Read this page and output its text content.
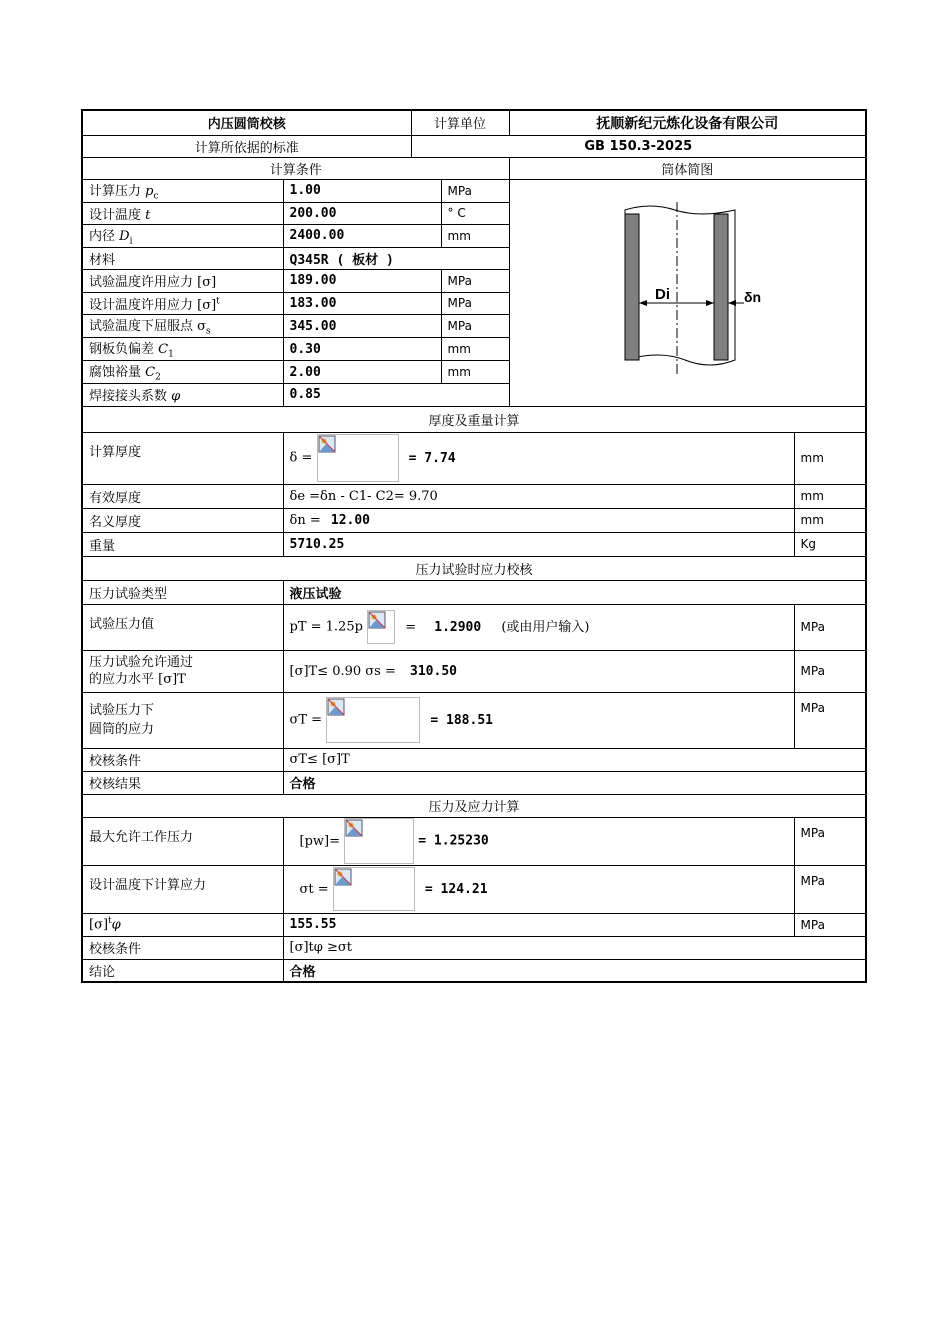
内压圆筒校核		计算单位		抚顺新纪元炼化设备有限公司	
计算所依据的标准		GB 150.3-2025			
计算条件				筒体简图	
计算压力 $p_c$	1.00		MPa	Di δn	

设计温度 t	200.00		° C		
内径 $D_i$	2400.00		mm		
材料	Q345R ( 板材 )				
试验温度许用应力 [σ]	189.00		MPa		
设计温度许用应力 $[\sigma]^t$	183.00		MPa		
试验温度下屈服点 $\sigma_s$	345.00		MPa		
钢板负偏差 $C_1$	0.30		mm		
腐蚀裕量 $C_2$	2.00		mm		
焊接接头系数 φ	0.85				
厚度及重量计算					
计算厚度	δ = = 7.74				mm
有效厚度	δe =δn - C1- C2= 9.70				mm
名义厚度	δn = 12.00				mm
重量	5710.25				Kg
压力试验时应力校核					
压力试验类型	液压试验				
试验压力值	pT = 1.25p = 1.2900 (或由用户输入)				MPa
压力试验允许通过
的应力水平 [σ]T	[σ]T≤ 0.90 σs = 310.50				MPa
试验压力下
圆筒的应力	σT = = 188.51				MPa
校核条件	σT≤ [σ]T				
校核结果	合格				
压力及应力计算					
最大允许工作压力	[pw]= = 1.25230				MPa
设计温度下计算应力	σt = = 124.21				MPa
$[\sigma]^t\varphi$	155.55				MPa
校核条件	[σ]tφ ≥σt				
结论	合格				
